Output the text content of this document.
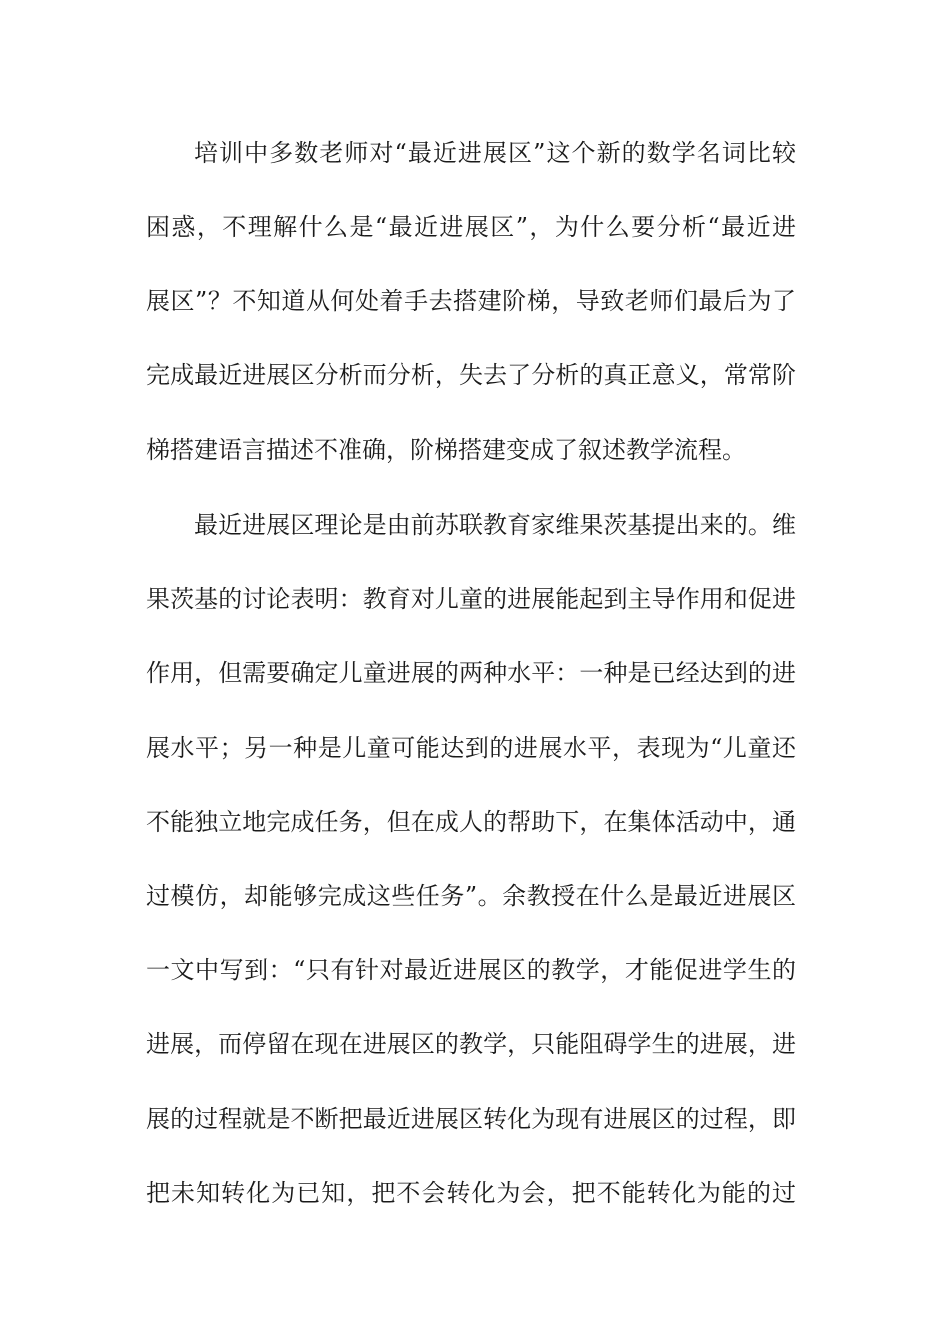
培训中多数老师对“最近进展区”这个新的数学名词比较
困惑，不理解什么是“最近进展区”，为什么要分析“最近进
展区”？不知道从何处着手去搭建阶梯，导致老师们最后为了
完成最近进展区分析而分析，失去了分析的真正意义，常常阶
梯搭建语言描述不准确，阶梯搭建变成了叙述教学流程。
最近进展区理论是由前苏联教育家维果茨基提出来的。维
果茨基的讨论表明：教育对儿童的进展能起到主导作用和促进
作用，但需要确定儿童进展的两种水平：一种是已经达到的进
展水平；另一种是儿童可能达到的进展水平，表现为“儿童还
不能独立地完成任务，但在成人的帮助下，在集体活动中，通
过模仿，却能够完成这些任务”。余教授在什么是最近进展区
一文中写到：“只有针对最近进展区的教学，才能促进学生的
进展，而停留在现在进展区的教学，只能阻碍学生的进展，进
展的过程就是不断把最近进展区转化为现有进展区的过程，即
把未知转化为已知，把不会转化为会，把不能转化为能的过
